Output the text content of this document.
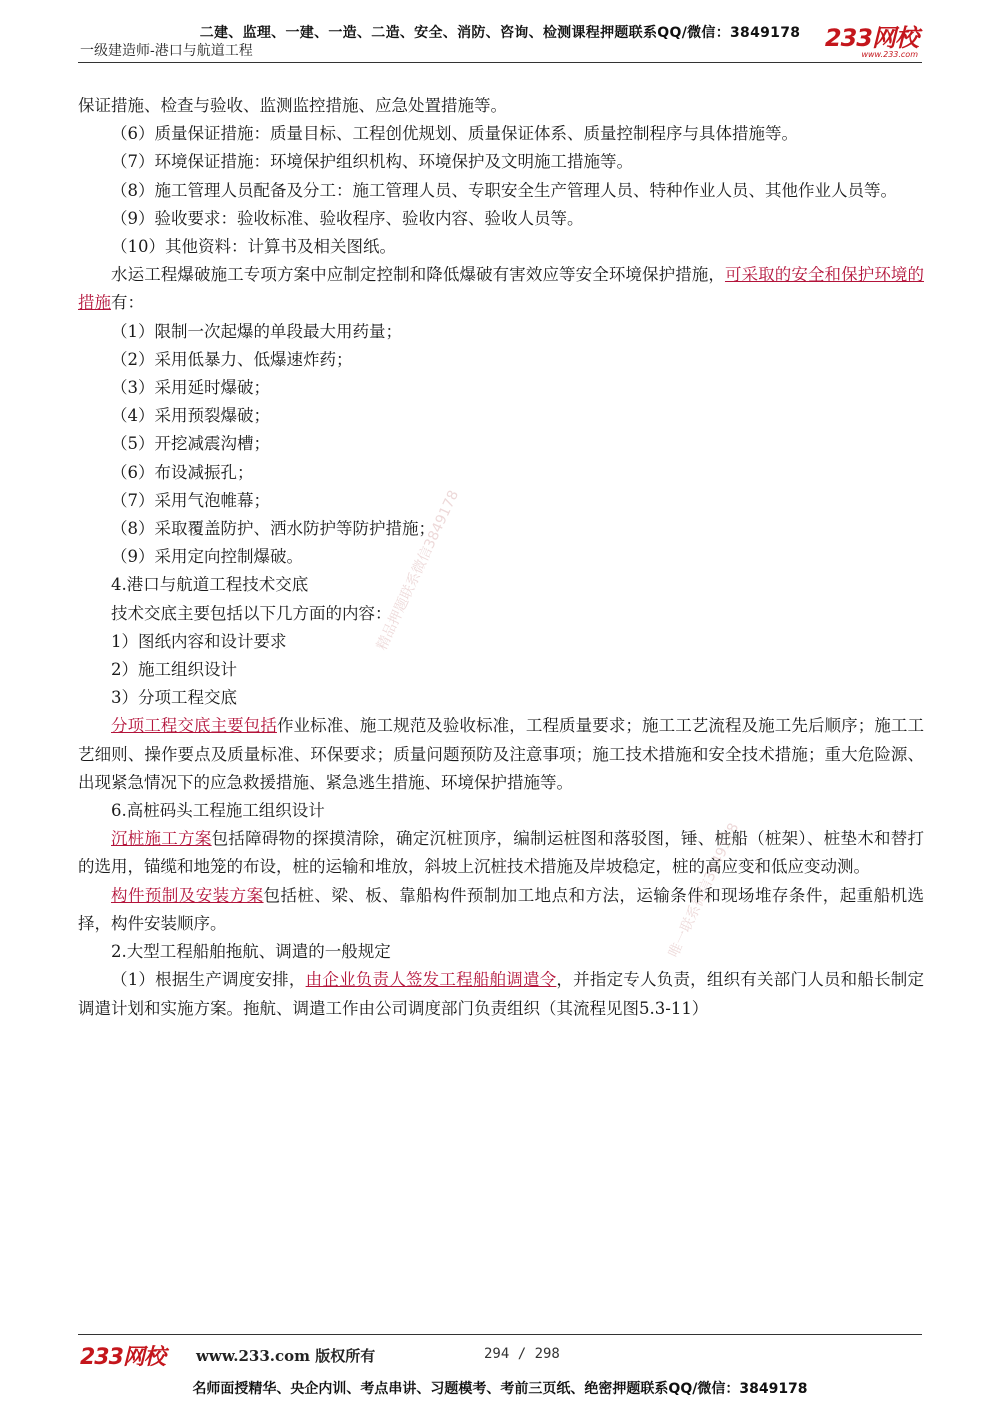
二建、监理、一建、一造、二造、安全、消防、咨询、检测课程押题联系QQ/微信：3849178
一级建造师-港口与航道工程	233网校
www.233.com
精品押题联系微信3849178
唯一联系微信3849178

保证措施、检查与验收、监测监控措施、应急处置措施等。

（6）质量保证措施：质量目标、工程创优规划、质量保证体系、质量控制程序与具体措施等。

（7）环境保证措施：环境保护组织机构、环境保护及文明施工措施等。

（8）施工管理人员配备及分工：施工管理人员、专职安全生产管理人员、特种作业人员、其他作业人员等。

（9）验收要求：验收标准、验收程序、验收内容、验收人员等。

（10）其他资料：计算书及相关图纸。

水运工程爆破施工专项方案中应制定控制和降低爆破有害效应等安全环境保护措施，可采取的安全和保护环境的措施有：

（1）限制一次起爆的单段最大用药量；

（2）采用低暴力、低爆速炸药；

（3）采用延时爆破；

（4）采用预裂爆破；

（5）开挖减震沟槽；

（6）布设减振孔；

（7）采用气泡帷幕；

（8）采取覆盖防护、洒水防护等防护措施；

（9）采用定向控制爆破。

4.港口与航道工程技术交底

技术交底主要包括以下几方面的内容：

1）图纸内容和设计要求

2）施工组织设计

3）分项工程交底

分项工程交底主要包括作业标准、施工规范及验收标准，工程质量要求；施工工艺流程及施工先后顺序；施工工艺细则、操作要点及质量标准、环保要求；质量问题预防及注意事项；施工技术措施和安全技术措施；重大危险源、出现紧急情况下的应急救援措施、紧急逃生措施、环境保护措施等。

6.高桩码头工程施工组织设计

沉桩施工方案包括障碍物的探摸清除，确定沉桩顶序，编制运桩图和落驳图，锤、桩船（桩架）、桩垫木和替打的选用，锚缆和地笼的布设，桩的运输和堆放，斜坡上沉桩技术措施及岸坡稳定，桩的高应变和低应变动测。

构件预制及安装方案包括桩、梁、板、靠船构件预制加工地点和方法，运输条件和现场堆存条件，起重船机选择，构件安装顺序。

2.大型工程船舶拖航、调遣的一般规定

（1）根据生产调度安排，由企业负责人签发工程船舶调遣令，并指定专人负责，组织有关部门人员和船长制定调遣计划和实施方案。拖航、调遣工作由公司调度部门负责组织（其流程见图5.3-11）

233网校 www.233.com 版权所有	294 / 298
名师面授精华、央企内训、考点串讲、习题模考、考前三页纸、绝密押题联系QQ/微信：3849178
